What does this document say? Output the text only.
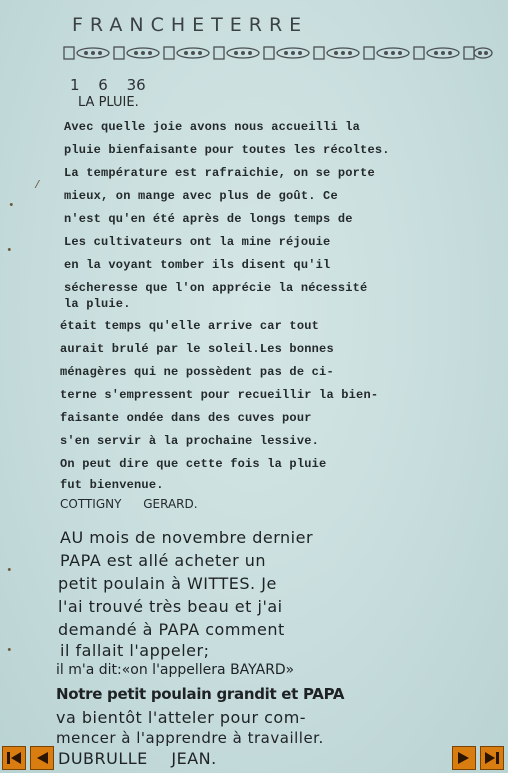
FRANCHETERRE
1 6 36
LA PLUIE.
Avec quelle joie avons nous accueilli la
pluie bienfaisante pour toutes les récoltes.
La température est rafraichie, on se porte
mieux, on mange avec plus de goût. Ce
n'est qu'en été après de longs temps de
Les cultivateurs ont la mine réjouie
en la voyant tomber ils disent qu'il
sécheresse que l'on apprécie la nécessité
la pluie.
était temps qu'elle arrive car tout
aurait brulé par le soleil.Les bonnes
ménagères qui ne possèdent pas de ci-
terne s'empressent pour recueillir la bien-
faisante ondée dans des cuves pour
s'en servir à la prochaine lessive.
On peut dire que cette fois la pluie
fut bienvenue.
COTTIGNY GERARD.
AU mois de novembre dernier
PAPA est allé acheter un
petit poulain à WITTES. Je
l'ai trouvé très beau et j'ai
demandé à PAPA comment
il fallait l'appeler;
il m'a dit:«on l'appellera BAYARD»
Notre petit poulain grandit et PAPA
va bientôt l'atteler pour com-
mencer à l'apprendre à travailler.
DUBRULLE JEAN.
/
•
•
•
•
